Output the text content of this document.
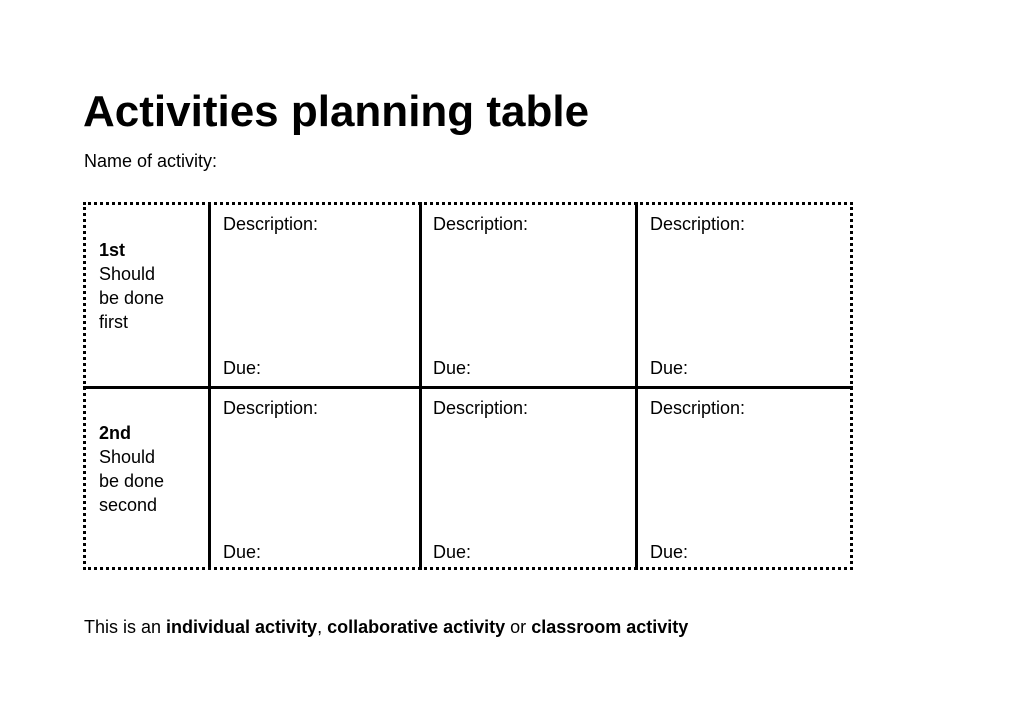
Activities planning table

Name of activity:

1st
Should
be done
first
Description:
Due:
Description:
Due:
Description:
Due:
2nd
Should
be done
second
Description:
Due:
Description:
Due:
Description:
Due:

This is an individual activity, collaborative activity or classroom activity
